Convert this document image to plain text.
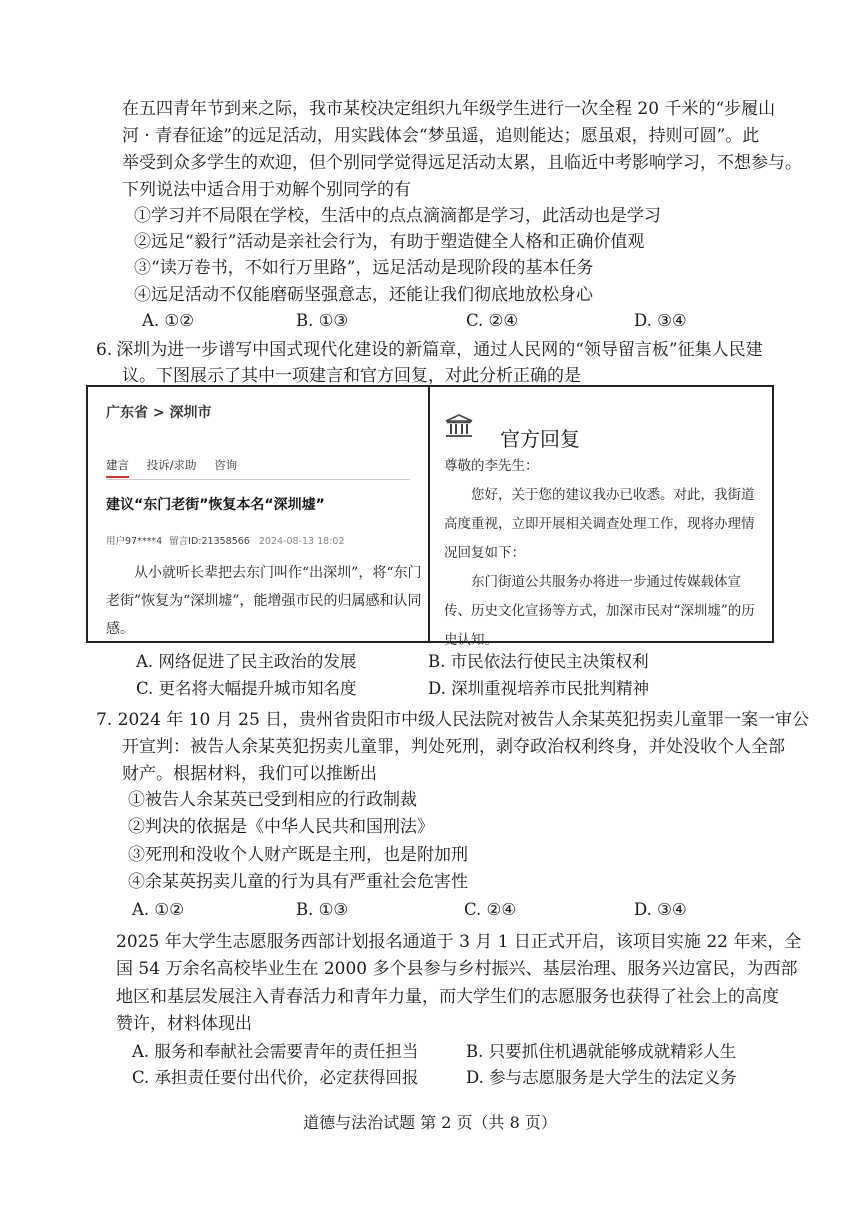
在五四青年节到来之际，我市某校决定组织九年级学生进行一次全程 20 千米的“步履山
河 · 青春征途”的远足活动，用实践体会“梦虽遥，追则能达；愿虽艰，持则可圆”。此
举受到众多学生的欢迎，但个别同学觉得远足活动太累，且临近中考影响学习，不想参与。
下列说法中适合用于劝解个别同学的有
①学习并不局限在学校，生活中的点点滴滴都是学习，此活动也是学习
②远足“毅行”活动是亲社会行为，有助于塑造健全人格和正确价值观
③“读万卷书，不如行万里路”，远足活动是现阶段的基本任务
④远足活动不仅能磨砺坚强意志，还能让我们彻底地放松身心
A. ①②	B. ①③	C. ②④	D. ③④
6. 深圳为进一步谱写中国式现代化建设的新篇章，通过人民网的“领导留言板”征集人民建
议。下图展示了其中一项建言和官方回复，对此分析正确的是
广东省 > 深圳市
建言 投诉/求助 咨询
建议“东门老街”恢复本名“深圳墟”
用户97****4 留言ID:21358566 2024-08-13 18:02
从小就听长辈把去东门叫作“出深圳”，将“东门老街”恢复为“深圳墟”，能增强市民的归属感和认同感。
官方回复
尊敬的李先生：

您好，关于您的建议我办已收悉。对此，我街道高度重视，立即开展相关调查处理工作，现将办理情况回复如下：

东门街道公共服务办将进一步通过传媒载体宣传、历史文化宣扬等方式，加深市民对“深圳墟”的历史认知。

A. 网络促进了民主政治的发展	B. 市民依法行使民主决策权利
C. 更名将大幅提升城市知名度	D. 深圳重视培养市民批判精神
7. 2024 年 10 月 25 日，贵州省贵阳市中级人民法院对被告人余某英犯拐卖儿童罪一案一审公
开宣判：被告人余某英犯拐卖儿童罪，判处死刑，剥夺政治权利终身，并处没收个人全部
财产。根据材料，我们可以推断出
①被告人余某英已受到相应的行政制裁
②判决的依据是《中华人民共和国刑法》
③死刑和没收个人财产既是主刑，也是附加刑
④余某英拐卖儿童的行为具有严重社会危害性
A. ①②	B. ①③	C. ②④	D. ③④
2025 年大学生志愿服务西部计划报名通道于 3 月 1 日正式开启，该项目实施 22 年来，全
国 54 万余名高校毕业生在 2000 多个县参与乡村振兴、基层治理、服务兴边富民，为西部
地区和基层发展注入青春活力和青年力量，而大学生们的志愿服务也获得了社会上的高度
赞许，材料体现出
A. 服务和奉献社会需要青年的责任担当	B. 只要抓住机遇就能够成就精彩人生
C. 承担责任要付出代价，必定获得回报	D. 参与志愿服务是大学生的法定义务
道德与法治试题 第 2 页（共 8 页）
